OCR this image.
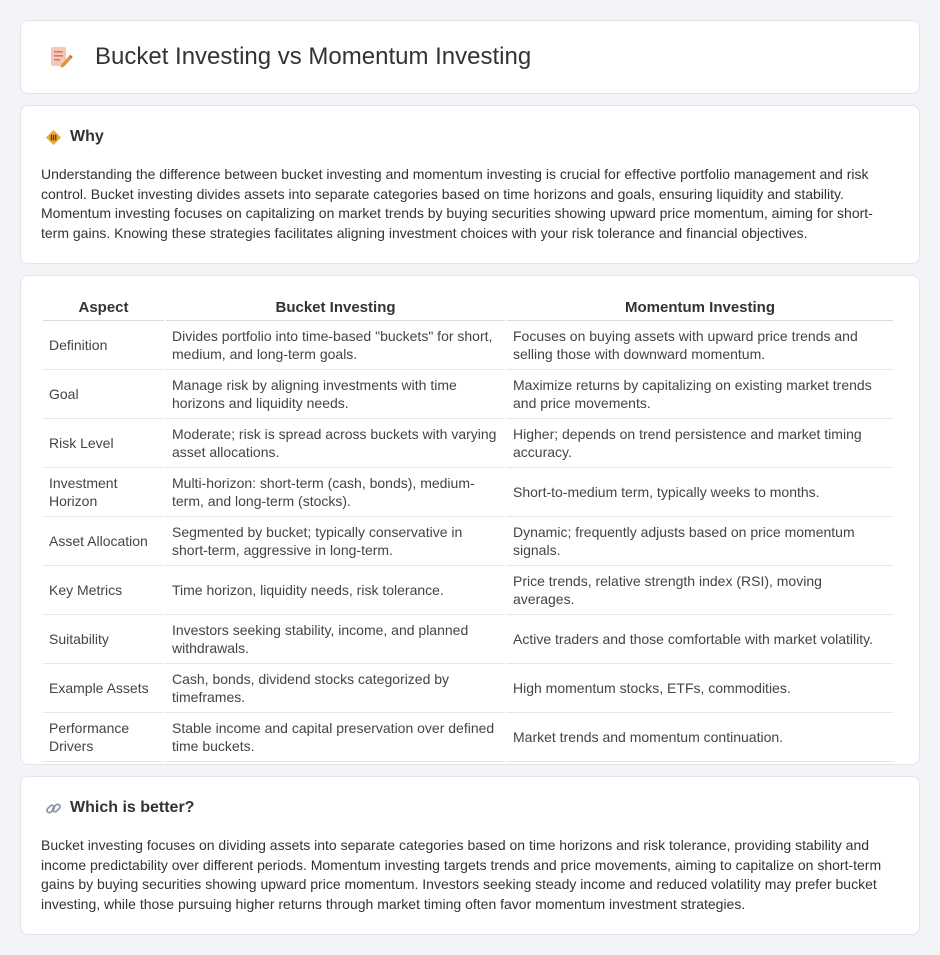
Bucket Investing vs Momentum Investing
Why

Understanding the difference between bucket investing and momentum investing is crucial for effective portfolio management and risk control. Bucket investing divides assets into separate categories based on time horizons and goals, ensuring liquidity and stability. Momentum investing focuses on capitalizing on market trends by buying securities showing upward price momentum, aiming for short-term gains. Knowing these strategies facilitates aligning investment choices with your risk tolerance and financial objectives.

Aspect	Bucket Investing	Momentum Investing
Definition	Divides portfolio into time-based "buckets" for short, medium, and long-term goals.	Focuses on buying assets with upward price trends and selling those with downward momentum.
Goal	Manage risk by aligning investments with time horizons and liquidity needs.	Maximize returns by capitalizing on existing market trends and price movements.
Risk Level	Moderate; risk is spread across buckets with varying asset allocations.	Higher; depends on trend persistence and market timing accuracy.
Investment Horizon	Multi-horizon: short-term (cash, bonds), medium-term, and long-term (stocks).	Short-to-medium term, typically weeks to months.
Asset Allocation	Segmented by bucket; typically conservative in short-term, aggressive in long-term.	Dynamic; frequently adjusts based on price momentum signals.
Key Metrics	Time horizon, liquidity needs, risk tolerance.	Price trends, relative strength index (RSI), moving averages.
Suitability	Investors seeking stability, income, and planned withdrawals.	Active traders and those comfortable with market volatility.
Example Assets	Cash, bonds, dividend stocks categorized by timeframes.	High momentum stocks, ETFs, commodities.
Performance Drivers	Stable income and capital preservation over defined time buckets.	Market trends and momentum continuation.
Which is better?

Bucket investing focuses on dividing assets into separate categories based on time horizons and risk tolerance, providing stability and income predictability over different periods. Momentum investing targets trends and price movements, aiming to capitalize on short-term gains by buying securities showing upward price momentum. Investors seeking steady income and reduced volatility may prefer bucket investing, while those pursuing higher returns through market timing often favor momentum investment strategies.
